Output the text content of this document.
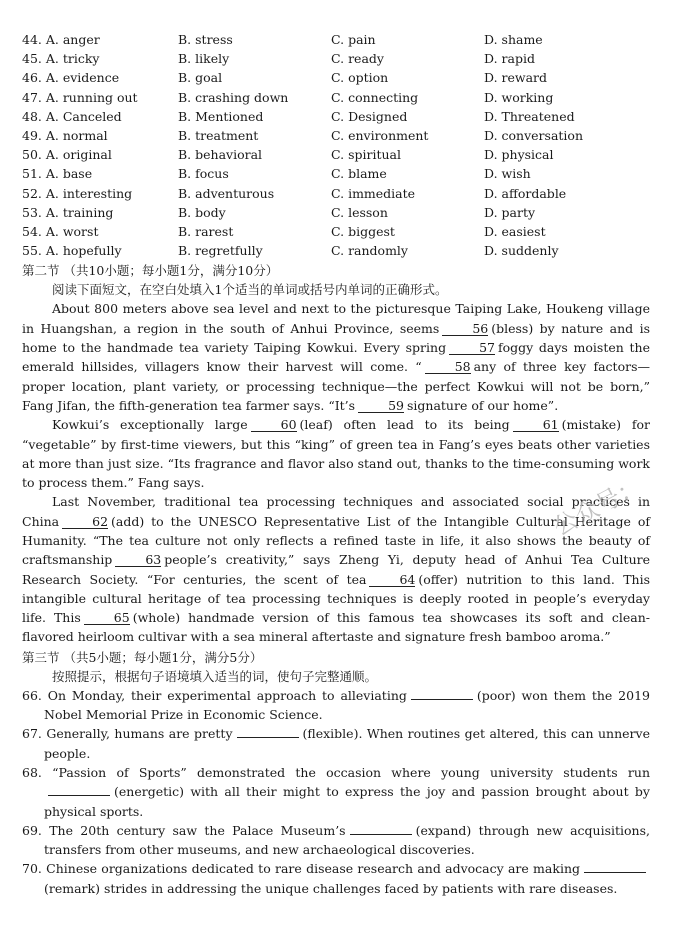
44. A. anger	B. stress	C. pain	D. shame
45. A. tricky	B. likely	C. ready	D. rapid
46. A. evidence	B. goal	C. option	D. reward
47. A. running out	B. crashing down	C. connecting	D. working
48. A. Canceled	B. Mentioned	C. Designed	D. Threatened
49. A. normal	B. treatment	C. environment	D. conversation
50. A. original	B. behavioral	C. spiritual	D. physical
51. A. base	B. focus	C. blame	D. wish
52. A. interesting	B. adventurous	C. immediate	D. affordable
53. A. training	B. body	C. lesson	D. party
54. A. worst	B. rarest	C. biggest	D. easiest
55. A. hopefully	B. regretfully	C. randomly	D. suddenly
第二节 （共10小题；每小题1分，满分10分）
阅读下面短文，在空白处填入1个适当的单词或括号内单词的正确形式。

About 800 meters above sea level and next to the picturesque Taiping Lake, Houkeng village in Huangshan, a region in the south of Anhui Province, seems	56 (bless) by nature and is home to the handmade tea variety Taiping Kowkui. Every spring	57 foggy days moisten the emerald hillsides, villagers know their harvest will come. “	58 any of three key factors—proper location, plant variety, or processing technique—the perfect Kowkui will not be born,” Fang Jifan, the fifth-generation tea farmer says. “It’s	59 signature of our home”.

Kowkui’s exceptionally large	60 (leaf) often lead to its being	61 (mistake) for “vegetable” by first-time viewers, but this “king” of green tea in Fang’s eyes beats other varieties at more than just size. “Its fragrance and flavor also stand out, thanks to the time-consuming work to process them.” Fang says.

Last November, traditional tea processing techniques and associated social practices in China	62 (add) to the UNESCO Representative List of the Intangible Cultural Heritage of Humanity. “The tea culture not only reflects a refined taste in life, it also shows the beauty of craftsmanship	63 people’s creativity,” says Zheng Yi, deputy head of Anhui Tea Culture Research Society. “For centuries, the scent of tea	64 (offer) nutrition to this land. This intangible cultural heritage of tea processing techniques is deeply rooted in people’s everyday life. This	65 (whole) handmade version of this famous tea showcases its soft and clean-flavored heirloom cultivar with a sea mineral aftertaste and signature fresh bamboo aroma.”

第三节 （共5小题；每小题1分，满分5分）
按照提示，根据句子语境填入适当的词，使句子完整通顺。

66. On Monday, their experimental approach to alleviating	(poor) won them the 2019 Nobel Memorial Prize in Economic Science.

67. Generally, humans are pretty	(flexible). When routines get altered, this can unnerve people.

68. “Passion of Sports” demonstrated the occasion where young university students run(energetic) with all their might to express the joy and passion brought about by physical sports.

69. The 20th century saw the Palace Museum’s	(expand) through new acquisitions, transfers from other museums, and new archaeological discoveries.

70. Chinese organizations dedicated to rare disease research and advocacy are making(remark) strides in addressing the unique challenges faced by patients with rare diseases.

公众号：
